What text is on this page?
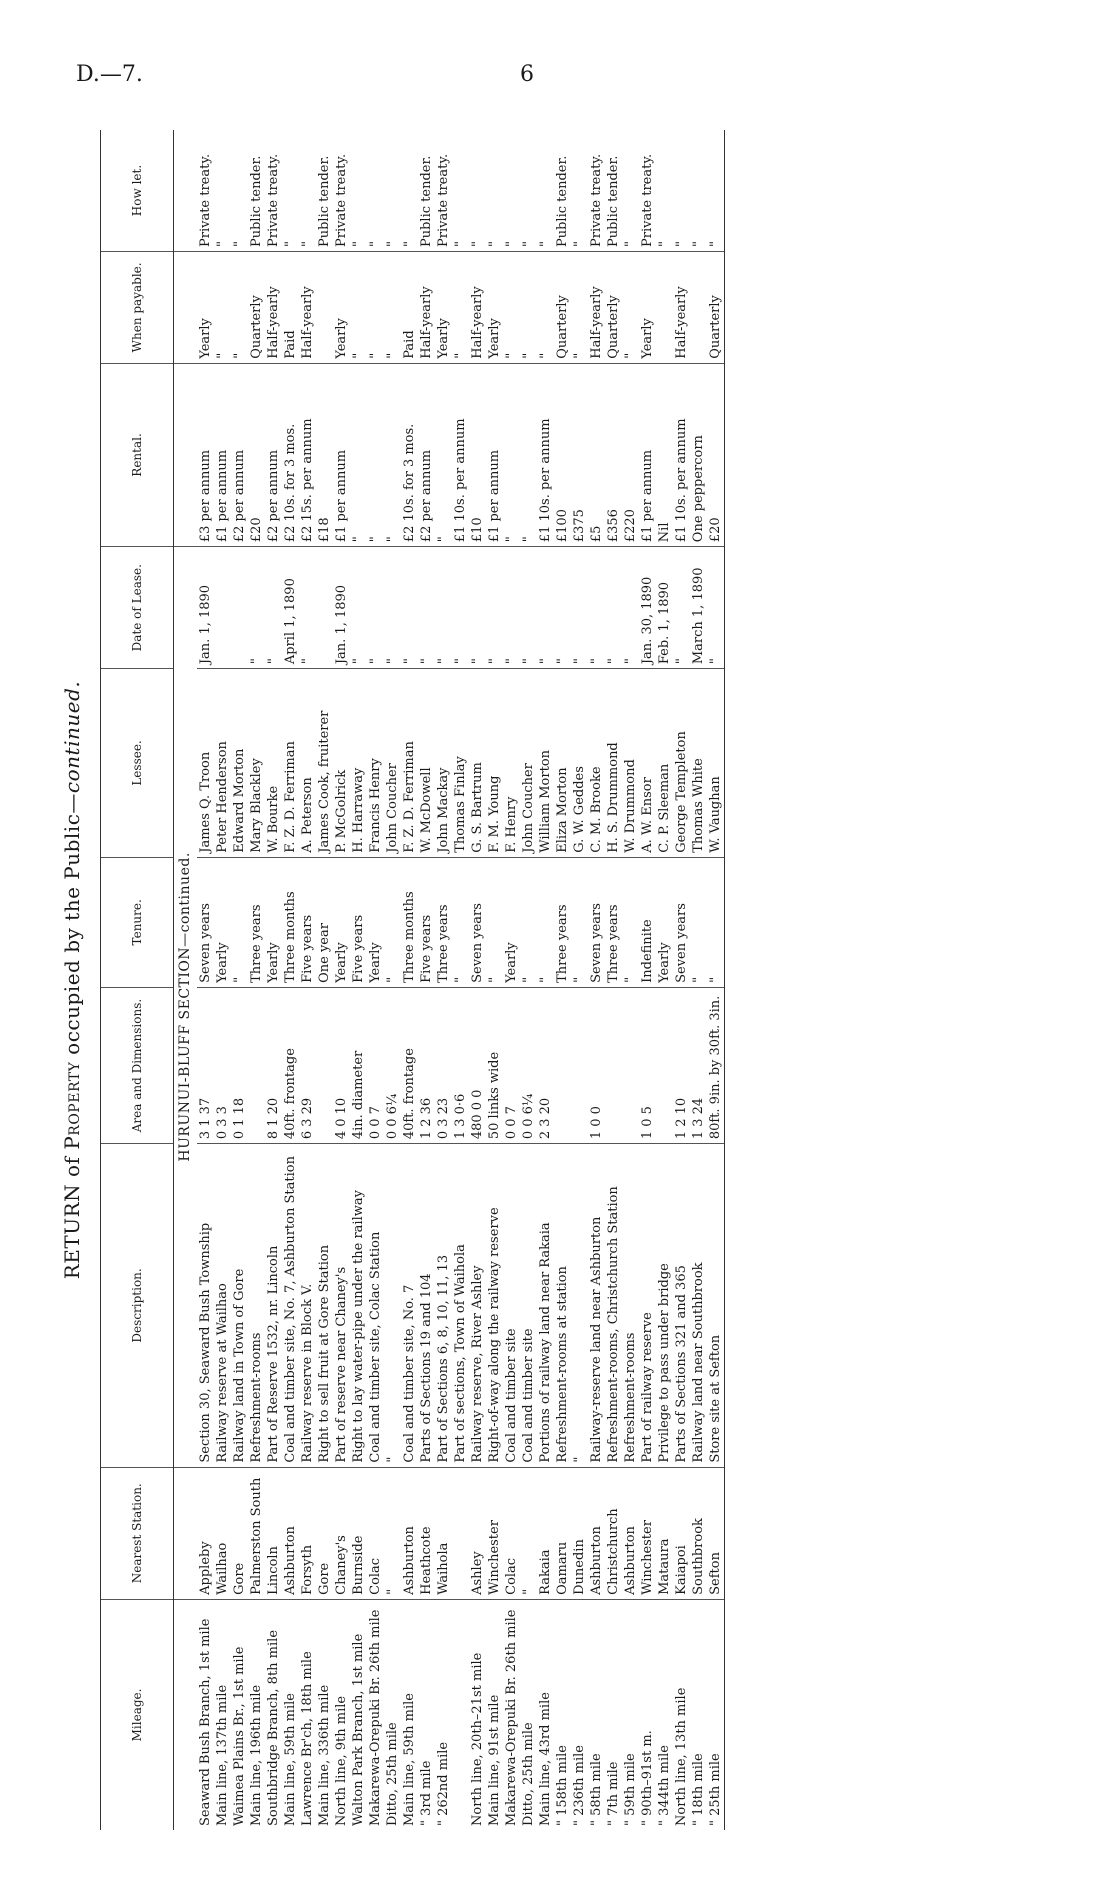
D.—7.	6
RETURN of Property occupied by the Public—continued.
Mileage.	Nearest Station.	Description.	Area and Dimensions.	Tenure.	Lessee.	Date of Lease.	Rental.	When payable.	How let.
		HURUNUI-BLUFF SECTION—continued.							
Seaward Bush Branch, 1st mile	Appleby	Section 30, Seaward Bush Township	3 1 37	Seven years	James Q. Troon	Jan. 1, 1890	£3 per annum	Yearly	Private treaty.
Main line, 137th mile	Wailhao	Railway reserve at Wailhao	0 3 3	Yearly	Peter Henderson		£1 per annum	"	"
Waimea Plains Br., 1st mile	Gore	Railway land in Town of Gore	0 1 18	"	Edward Morton		£2 per annum	"	"
Main line, 196th mile	Palmerston South	Refreshment-rooms		Three years	Mary Blackley	"	£20	Quarterly	Public tender.
Southbridge Branch, 8th mile	Lincoln	Part of Reserve 1532, nr. Lincoln	8 1 20	Yearly	W. Bourke	"	£2 per annum	Half-yearly	Private treaty.
Main line, 59th mile	Ashburton	Coal and timber site, No. 7, Ashburton Station	40ft. frontage	Three months	F. Z. D. Ferriman	April 1, 1890	£2 10s. for 3 mos.	Paid	"
Lawrence Br'ch, 18th mile	Forsyth	Railway reserve in Block V.	6 3 29	Five years	A. Peterson	"	£2 15s. per annum	Half-yearly	"
Main line, 336th mile	Gore	Right to sell fruit at Gore Station		One year	James Cook, fruiterer		£18		Public tender.
North line, 9th mile	Chaney's	Part of reserve near Chaney's	4 0 10	Yearly	P. McGolrick	Jan. 1, 1890	£1 per annum	Yearly	Private treaty.
Walton Park Branch, 1st mile	Burnside	Right to lay water-pipe under the railway	4in. diameter	Five years	H. Harraway	"	"	"	"
Makarewa-Orepuki Br. 26th mile	Colac	Coal and timber site, Colac Station	0 0 7	Yearly	Francis Henry	"	"	"	"
Ditto, 25th mile	"	"	0 0 6¼	"	John Coucher	"	"	"	"
Main line, 59th mile	Ashburton	Coal and timber site, No. 7	40ft. frontage	Three months	F. Z. D. Ferriman	"	£2 10s. for 3 mos.	Paid	"
" 3rd mile	Heathcote	Parts of Sections 19 and 104	1 2 36	Five years	W. McDowell	"	£2 per annum	Half-yearly	Public tender.
" 262nd mile	Waihola	Part of Sections 6, 8, 10, 11, 13	0 3 23	Three years	John Mackay	"	"	Yearly	Private treaty.
		Part of sections, Town of Waihola	1 3 0·6	"	Thomas Finlay	"	£1 10s. per annum	"	"
North line, 20th–21st mile	Ashley	Railway reserve, River Ashley	480 0 0	Seven years	G. S. Bartrum	"	£10	Half-yearly	"
Main line, 91st mile	Winchester	Right-of-way along the railway reserve	50 links wide	"	F. M. Young	"	£1 per annum	Yearly	"
Makarewa-Orepuki Br. 26th mile	Colac	Coal and timber site	0 0 7	Yearly	F. Henry	"	"	"	"
Ditto, 25th mile	"	Coal and timber site	0 0 6¼	"	John Coucher	"	"	"	"
Main line, 43rd mile	Rakaia	Portions of railway land near Rakaia	2 3 20	"	William Morton	"	£1 10s. per annum	"	"
" 158th mile	Oamaru	Refreshment-rooms at station		Three years	Eliza Morton	"	£100	Quarterly	Public tender.
" 236th mile	Dunedin	"		"	G. W. Geddes	"	£375	"	"
" 58th mile	Ashburton	Railway-reserve land near Ashburton	1 0 0	Seven years	C. M. Brooke	"	£5	Half-yearly	Private treaty.
" 7th mile	Christchurch	Refreshment-rooms, Christchurch Station		Three years	H. S. Drummond	"	£356	Quarterly	Public tender.
" 59th mile	Ashburton	Refreshment-rooms		"	W. Drummond	"	£220	"	"
" 90th–91st m.	Winchester	Part of railway reserve	1 0 5	Indefinite	A. W. Ensor	Jan. 30, 1890	£1 per annum	Yearly	Private treaty.
" 344th mile	Mataura	Privilege to pass under bridge		Yearly	C. P. Sleeman	Feb. 1, 1890	Nil		"
North line, 13th mile	Kaiapoi	Parts of Sections 321 and 365	1 2 10	Seven years	George Templeton	"	£1 10s. per annum	Half-yearly	"
" 18th mile	Southbrook	Railway land near Southbrook	1 3 24	"	Thomas White	March 1, 1890	One peppercorn		"
" 25th mile	Sefton	Store site at Sefton	80ft. 9in. by 30ft. 3in.	"	W. Vaughan	"	£20	Quarterly	"
